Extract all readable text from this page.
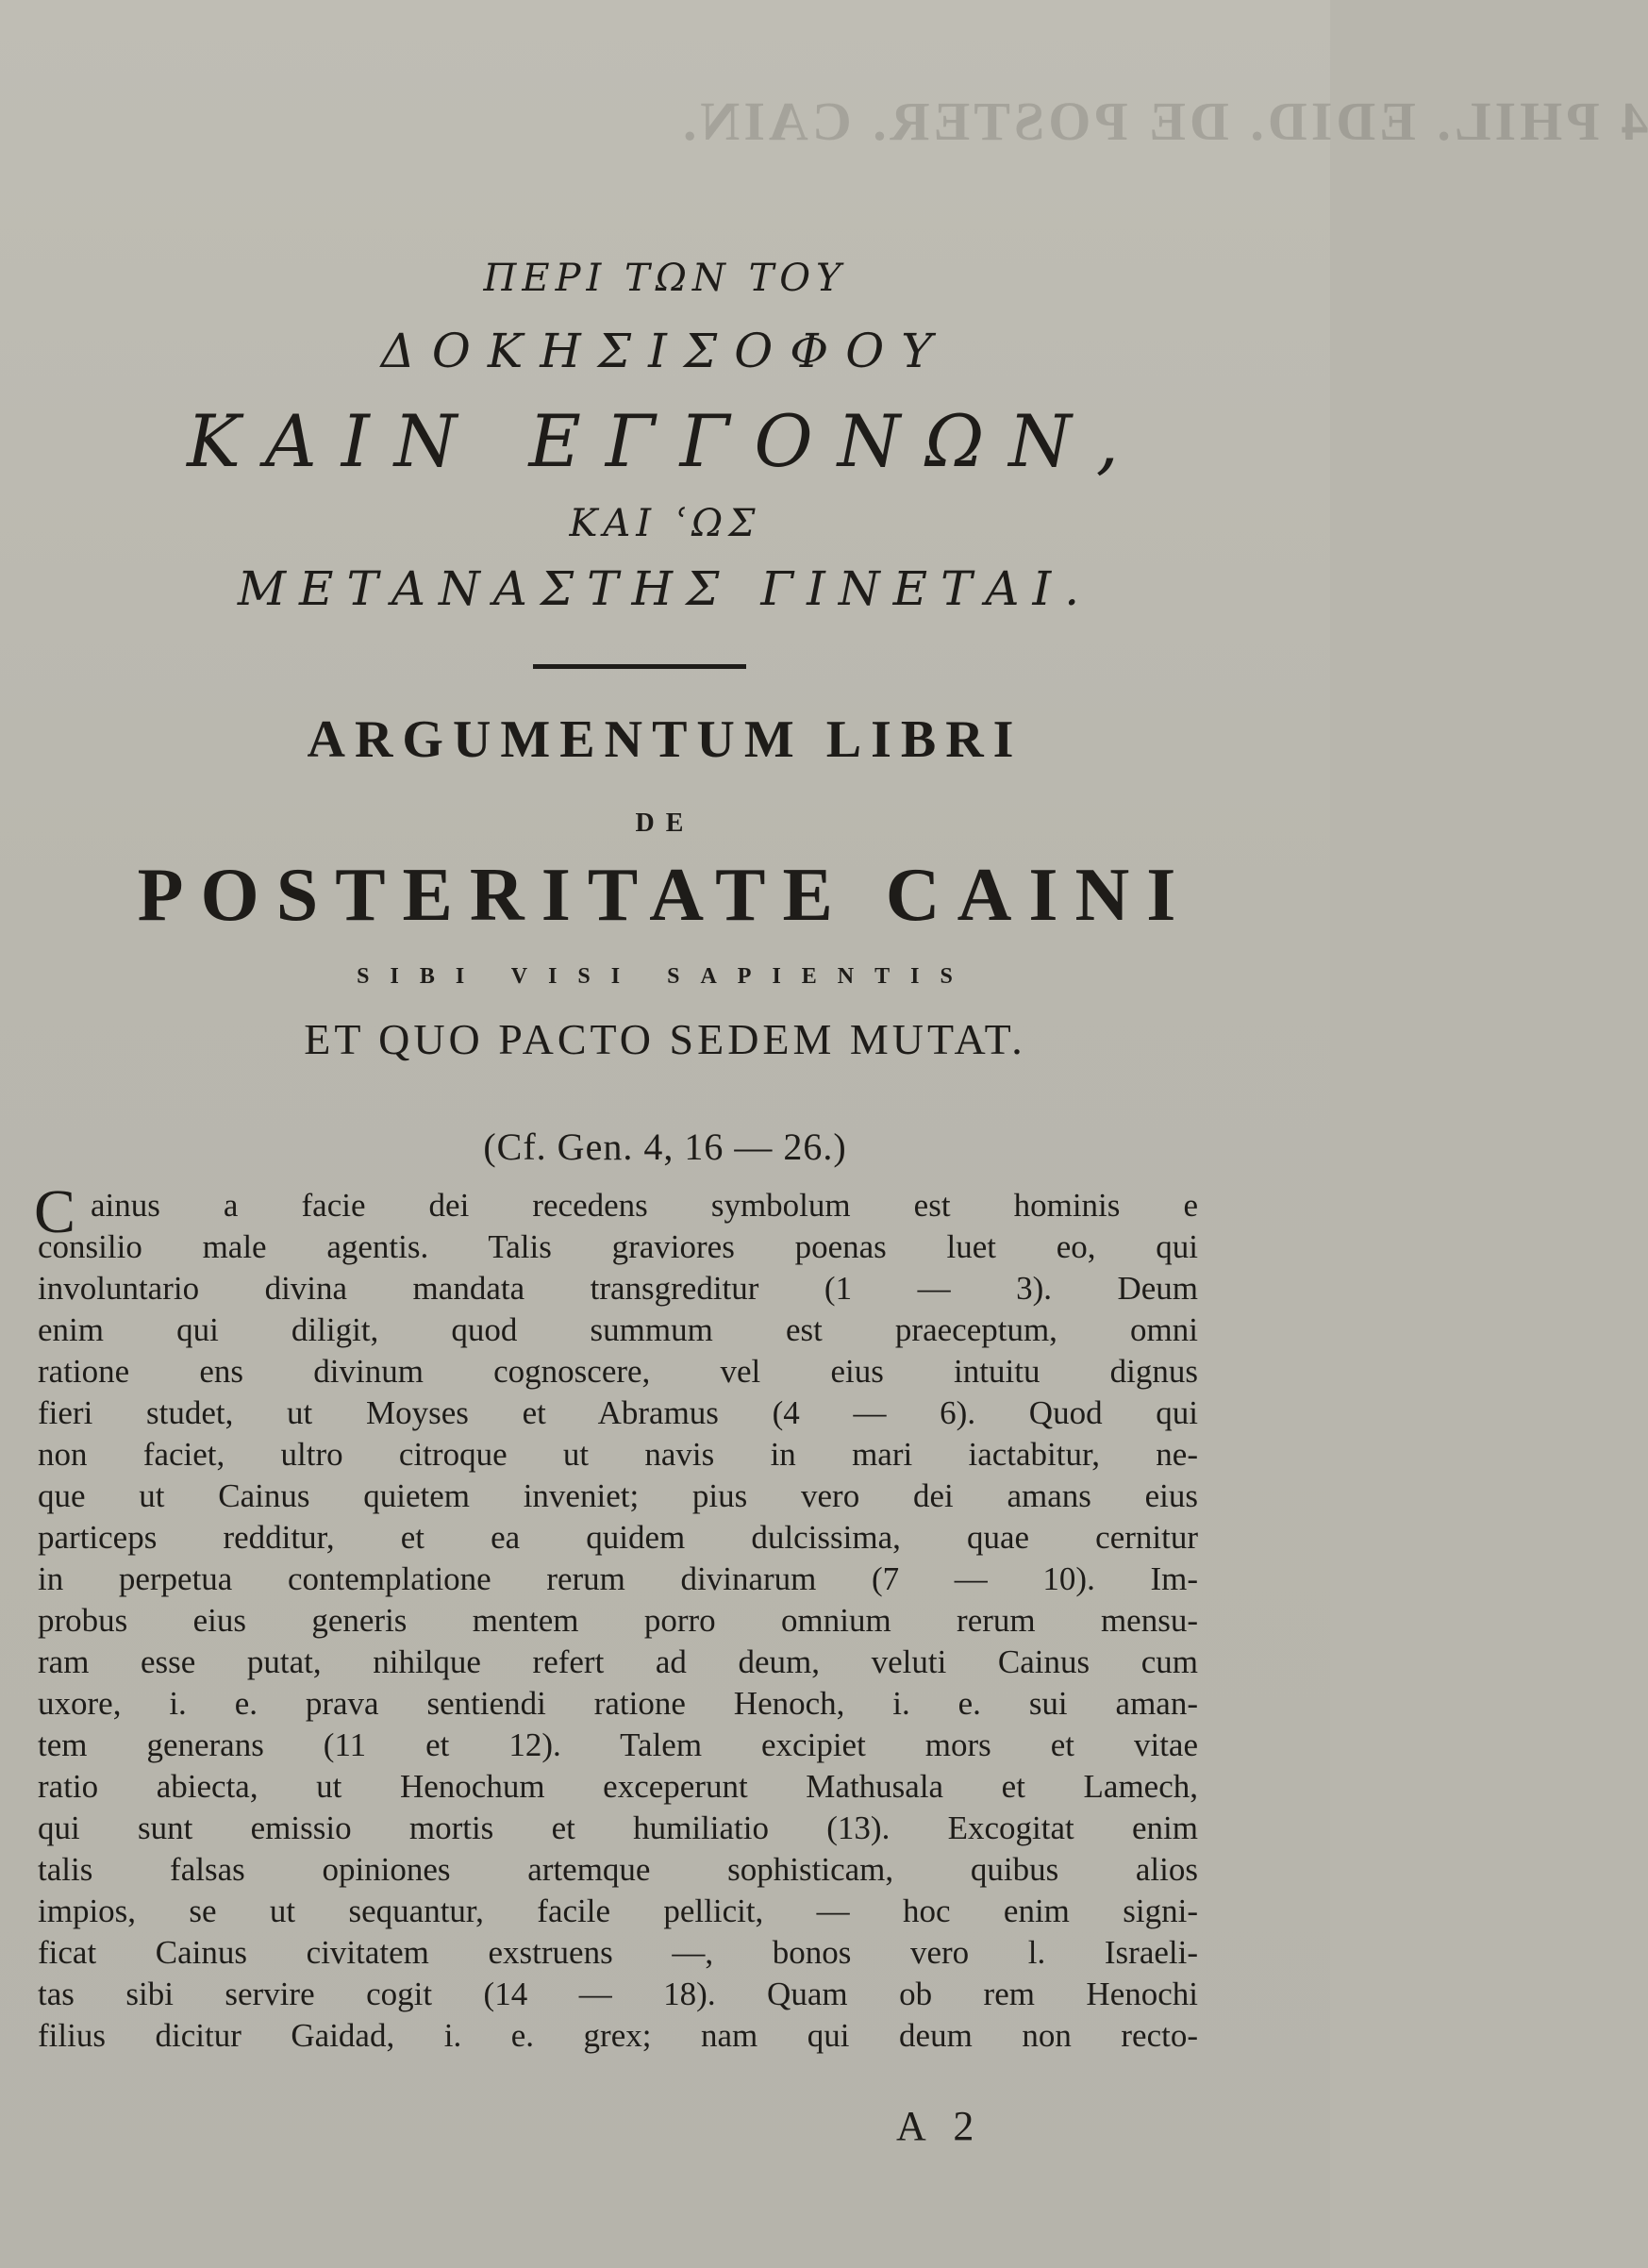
4 PHIL. EDID. DE POSTER. CAIN.
ΠΕΡΙ ΤΩΝ ΤΟΥ
ΔΟΚΗΣΙΣΟΦΟΥ
ΚΑΙΝ ΕΓΓΟΝΩΝ,
ΚΑΙ ʿΩΣ
ΜΕΤΑΝΑΣΤΗΣ ΓΙΝΕΤΑΙ.
ARGUMENTUM LIBRI
DE
POSTERITATE CAINI
SIBI VISI SAPIENTIS
ET QUO PACTO SEDEM MUTAT.
(Cf. Gen. 4, 16 — 26.)
C ainus a facie dei recedens symbolum est hominis e
consilio male agentis. Talis graviores poenas luet eo, qui
involuntario divina mandata transgreditur (1 — 3). Deum
enim qui diligit, quod summum est praeceptum, omni
ratione ens divinum cognoscere, vel eius intuitu dignus
fieri studet, ut Moyses et Abramus (4 — 6). Quod qui
non faciet, ultro citroque ut navis in mari iactabitur, ne-
que ut Cainus quietem inveniet; pius vero dei amans eius
particeps redditur, et ea quidem dulcissima, quae cernitur
in perpetua contemplatione rerum divinarum (7 — 10). Im-
probus eius generis mentem porro omnium rerum mensu-
ram esse putat, nihilque refert ad deum, veluti Cainus cum
uxore, i. e. prava sentiendi ratione Henoch, i. e. sui aman-
tem generans (11 et 12). Talem excipiet mors et vitae
ratio abiecta, ut Henochum exceperunt Mathusala et Lamech,
qui sunt emissio mortis et humiliatio (13). Excogitat enim
talis falsas opiniones artemque sophisticam, quibus alios
impios, se ut sequantur, facile pellicit, — hoc enim signi-
ficat Cainus civitatem exstruens —, bonos vero l. Israeli-
tas sibi servire cogit (14 — 18). Quam ob rem Henochi
filius dicitur Gaidad, i. e. grex; nam qui deum non recto-
A 2
